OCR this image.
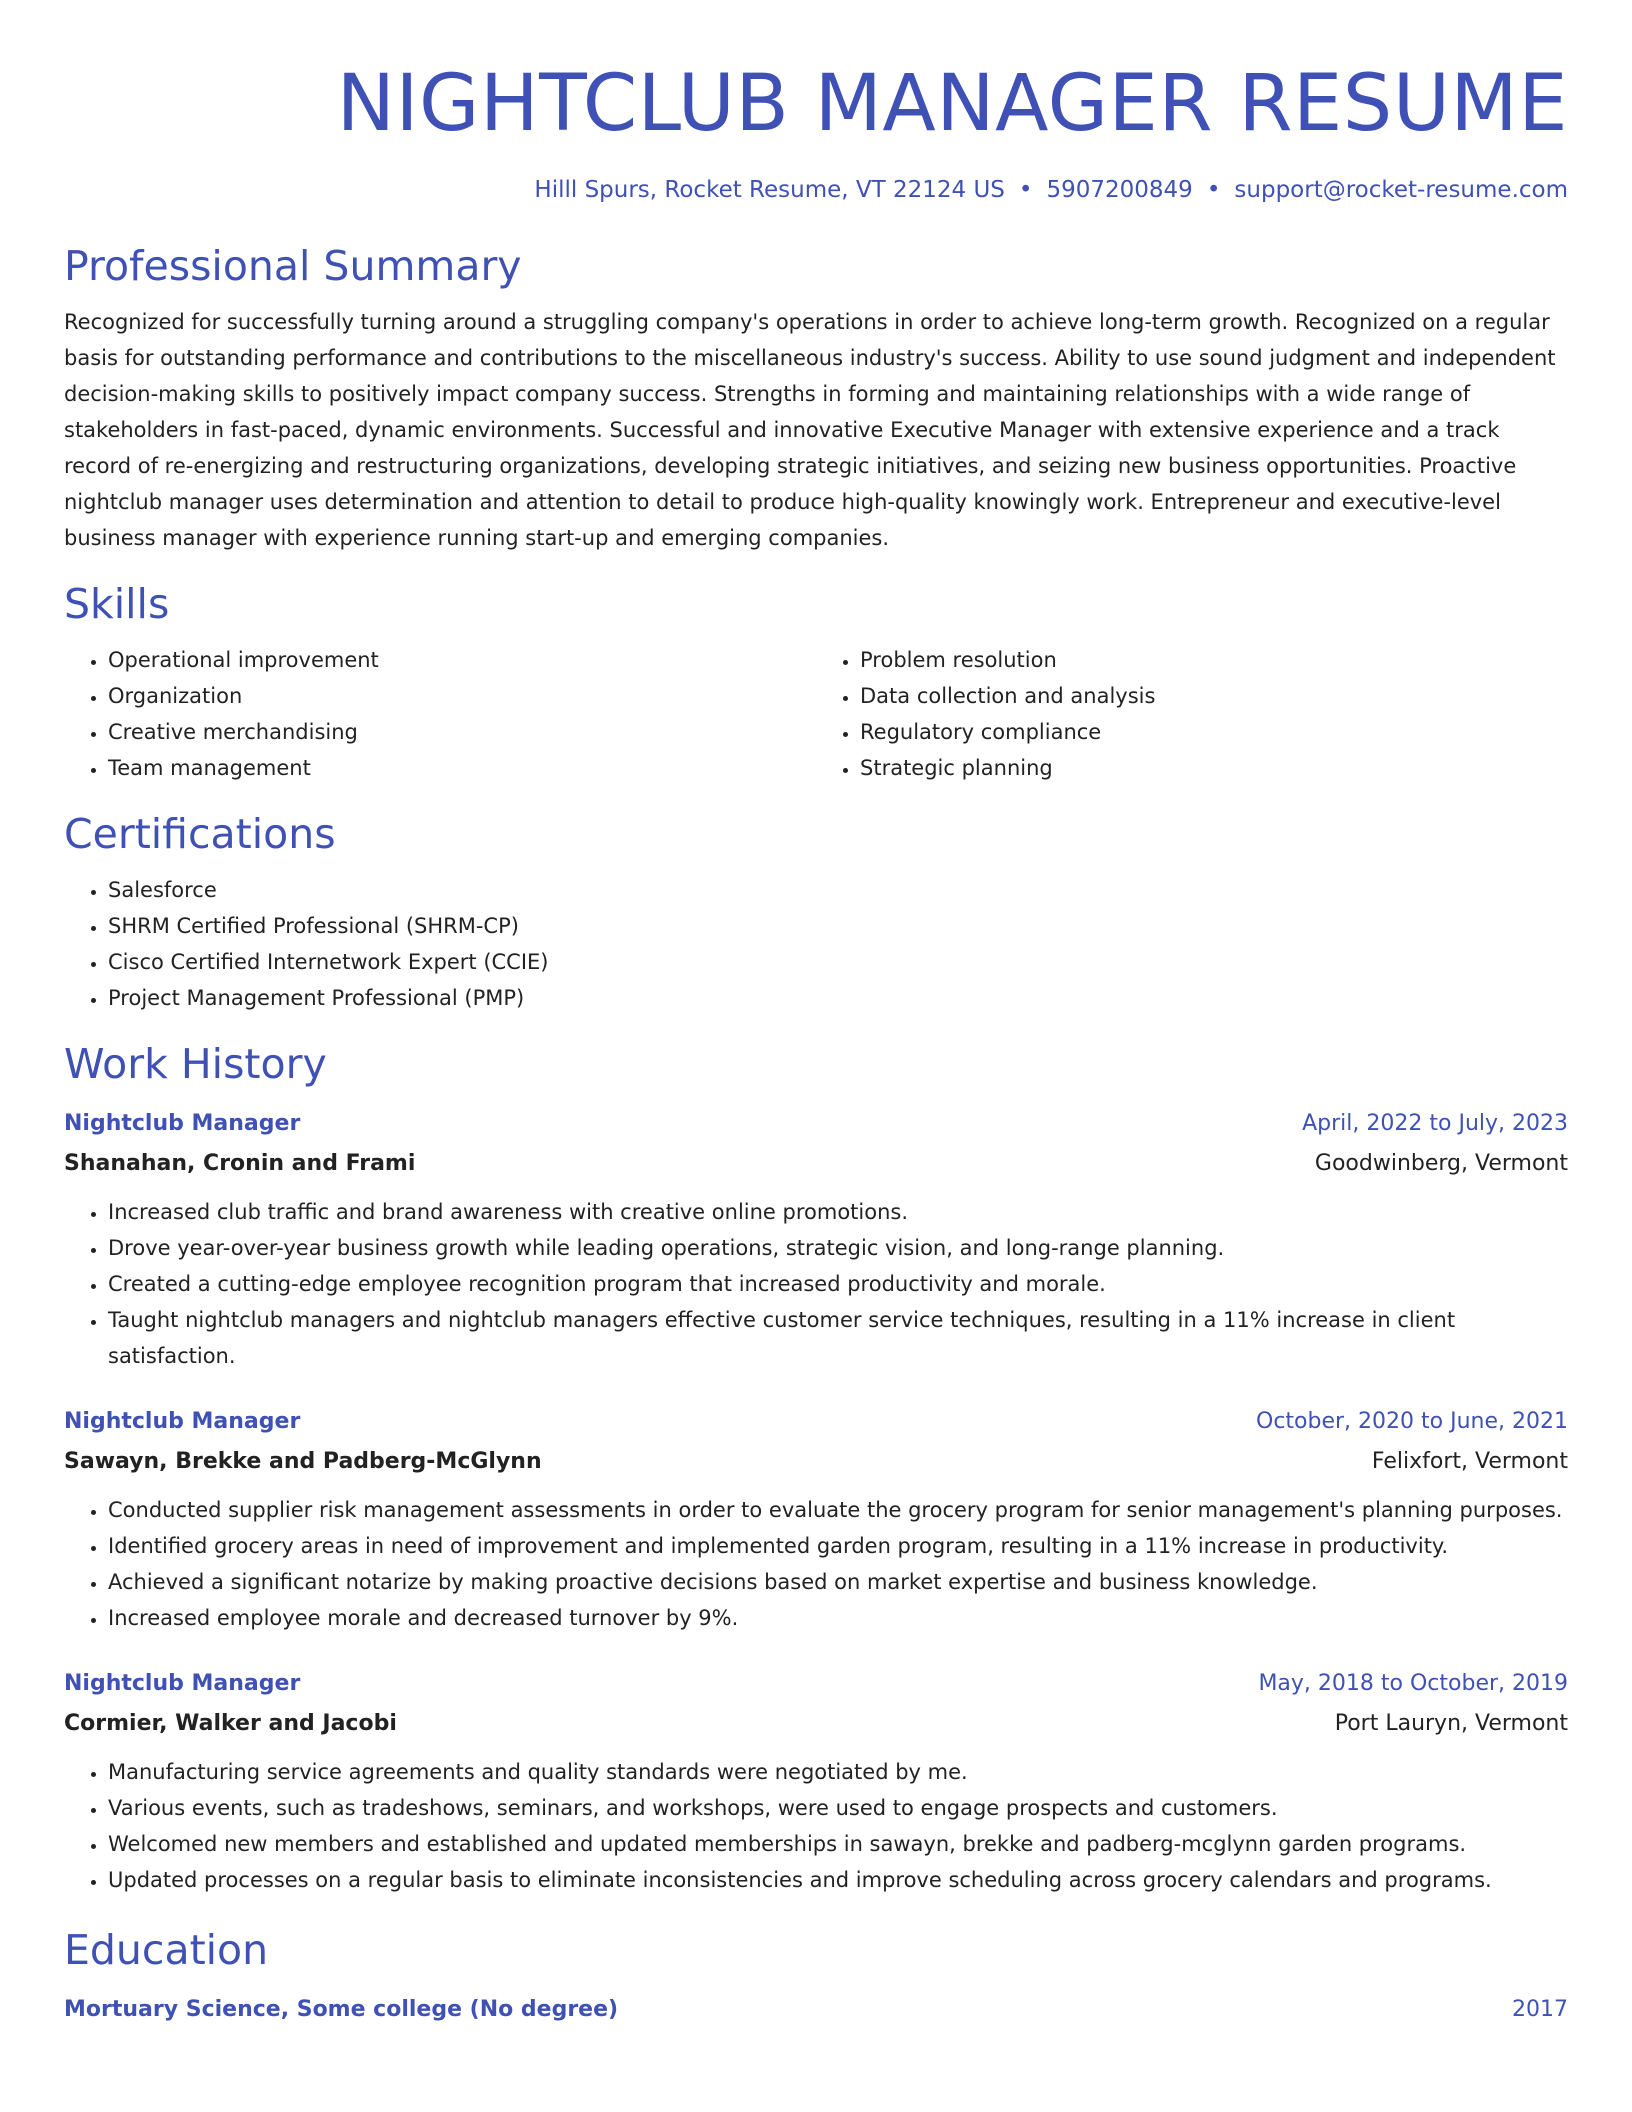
NIGHTCLUB MANAGER RESUME
Hilll Spurs, Rocket Resume, VT 22124 US • 5907200849 • support@rocket-resume.com
Professional Summary
Recognized for successfully turning around a struggling company's operations in order to achieve long-term growth. Recognized on a regular basis for outstanding performance and contributions to the miscellaneous industry's success. Ability to use sound judgment and independent decision-making skills to positively impact company success. Strengths in forming and maintaining relationships with a wide range of stakeholders in fast-paced, dynamic environments. Successful and innovative Executive Manager with extensive experience and a track record of re-energizing and restructuring organizations, developing strategic initiatives, and seizing new business opportunities. Proactive nightclub manager uses determination and attention to detail to produce high-quality knowingly work. Entrepreneur and executive-level business manager with experience running start-up and emerging companies.
Skills
• Operational improvement
• Organization
• Creative merchandising
• Team management
• Problem resolution
• Data collection and analysis
• Regulatory compliance
• Strategic planning
Certifications
• Salesforce
• SHRM Certified Professional (SHRM-CP)
• Cisco Certified Internetwork Expert (CCIE)
• Project Management Professional (PMP)
Work History
Nightclub Manager	April, 2022 to July, 2023
Shanahan, Cronin and Frami	Goodwinberg, Vermont
• Increased club traffic and brand awareness with creative online promotions.
• Drove year-over-year business growth while leading operations, strategic vision, and long-range planning.
• Created a cutting-edge employee recognition program that increased productivity and morale.
• Taught nightclub managers and nightclub managers effective customer service techniques, resulting in a 11% increase in client satisfaction.
Nightclub Manager	October, 2020 to June, 2021
Sawayn, Brekke and Padberg-McGlynn	Felixfort, Vermont
• Conducted supplier risk management assessments in order to evaluate the grocery program for senior management's planning purposes.
• Identified grocery areas in need of improvement and implemented garden program, resulting in a 11% increase in productivity.
• Achieved a significant notarize by making proactive decisions based on market expertise and business knowledge.
• Increased employee morale and decreased turnover by 9%.
Nightclub Manager	May, 2018 to October, 2019
Cormier, Walker and Jacobi	Port Lauryn, Vermont
• Manufacturing service agreements and quality standards were negotiated by me.
• Various events, such as tradeshows, seminars, and workshops, were used to engage prospects and customers.
• Welcomed new members and established and updated memberships in sawayn, brekke and padberg-mcglynn garden programs.
• Updated processes on a regular basis to eliminate inconsistencies and improve scheduling across grocery calendars and programs.
Education
Mortuary Science, Some college (No degree)	2017
